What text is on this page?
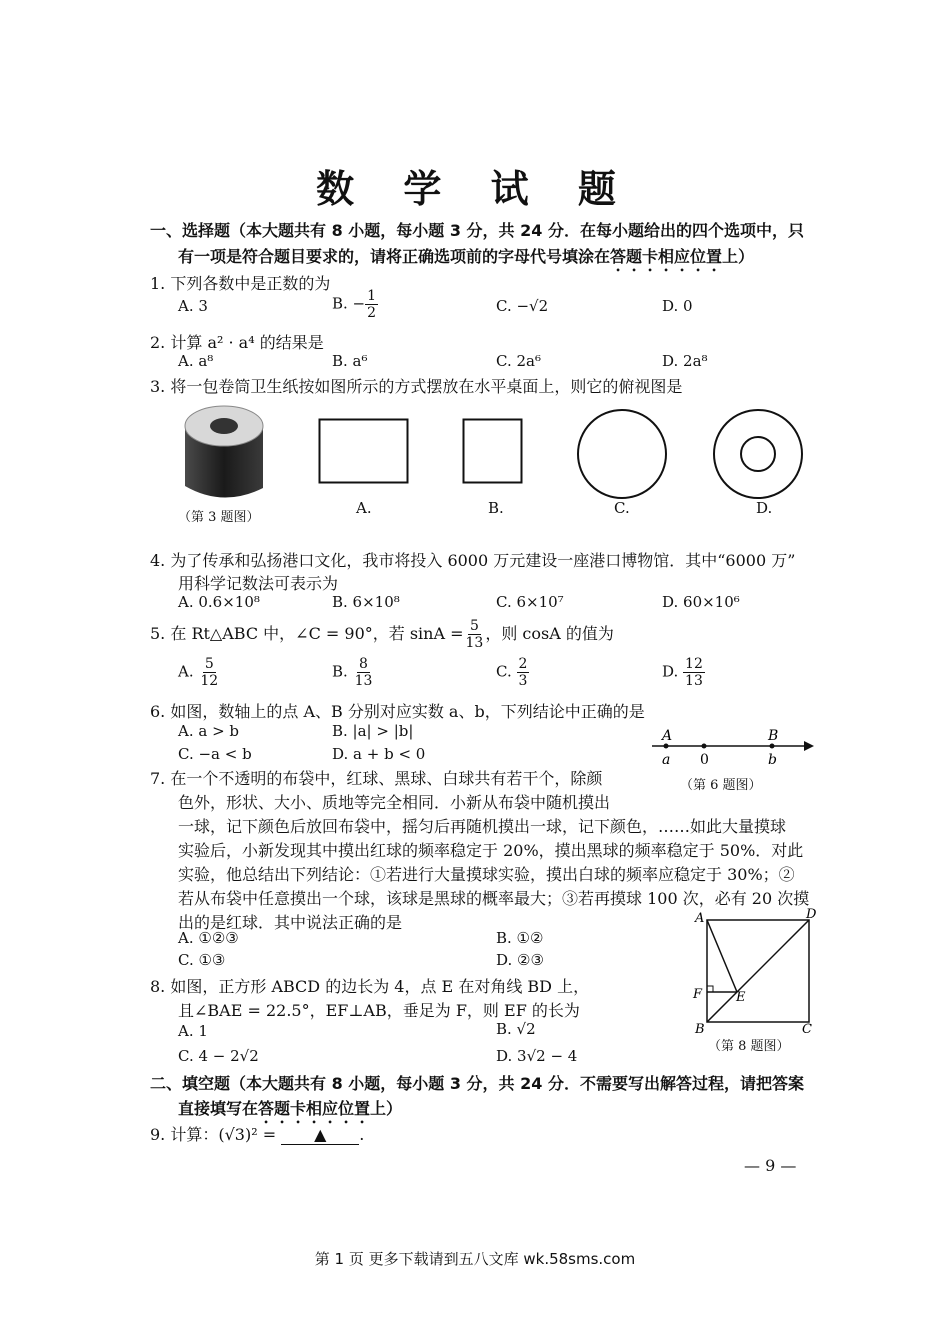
数 学 试 题
一、选择题（本大题共有 8 小题，每小题 3 分，共 24 分．在每小题给出的四个选项中，只
有一项是符合题目要求的，请将正确选项前的字母代号填涂在答题卡相应位置上）
1. 下列各数中是正数的为
A. 3	B. − $\frac{1}{2}$	C. −√2	D. 0
2. 计算 a² · a⁴ 的结果是
A. a⁸	B. a⁶	C. 2a⁶	D. 2a⁸
3. 将一包卷筒卫生纸按如图所示的方式摆放在水平桌面上，则它的俯视图是
（第 3 题图）
A.	B.	C.	D.
4. 为了传承和弘扬港口文化，我市将投入 6000 万元建设一座港口博物馆．其中“6000 万”
用科学记数法可表示为
A. 0.6×10⁸	B. 6×10⁸	C. 6×10⁷	D. 60×10⁶
5. 在 Rt△ABC 中，∠C = 90°，若 $\sin A = \frac{5}{13}$ ，则 cosA 的值为
A. $\frac{5}{12}$	B. $\frac{8}{13}$	C. $\frac{2}{3}$	D. $\frac{12}{13}$
6. 如图，数轴上的点 A、B 分别对应实数 a、b，下列结论中正确的是
A. a > b	B. |a| > |b|
C. −a < b	D. a + b < 0
A	B
a 0	b
（第 6 题图）
7. 在一个不透明的布袋中，红球、黑球、白球共有若干个，除颜
色外，形状、大小、质地等完全相同．小新从布袋中随机摸出
一球，记下颜色后放回布袋中，摇匀后再随机摸出一球，记下颜色，……如此大量摸球
实验后，小新发现其中摸出红球的频率稳定于 20%，摸出黑球的频率稳定于 50%．对此
实验，他总结出下列结论：①若进行大量摸球实验，摸出白球的频率应稳定于 30%；②
若从布袋中任意摸出一个球，该球是黑球的概率最大；③若再摸球 100 次，必有 20 次摸
出的是红球．其中说法正确的是
A. ①②③	B. ①②
C. ①③	D. ②③
8. 如图，正方形 ABCD 的边长为 4，点 E 在对角线 BD 上，
且∠BAE = 22.5°，EF⊥AB，垂足为 F，则 EF 的长为
A. 1	B. √2
C. 4 − 2√2	D. 3√2 − 4
A	D
B	C
F	E
（第 8 题图）
二、填空题（本大题共有 8 小题，每小题 3 分，共 24 分．不需要写出解答过程，请把答案
直接填写在答题卡相应位置上）
9. 计算：(√3)² = ▲ .
— 9 —
第 1 页 更多下载请到五八文库 wk.58sms.com
